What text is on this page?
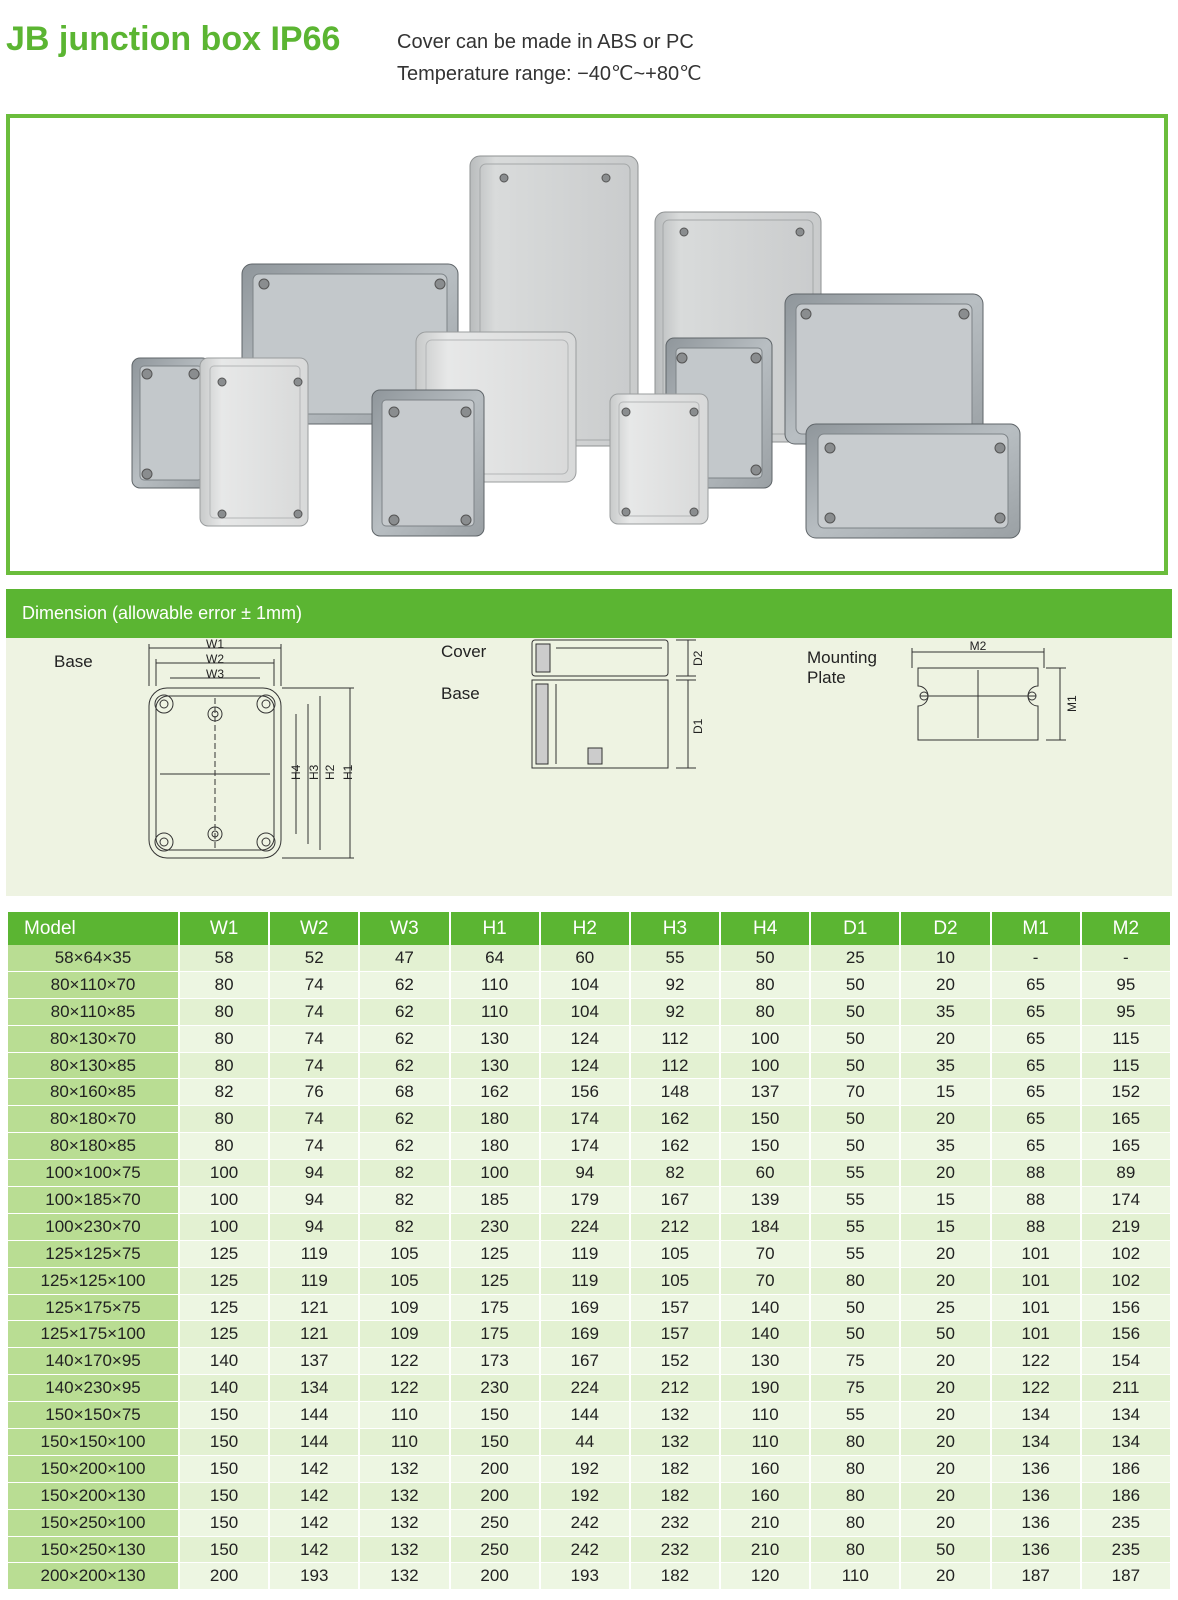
JB junction box IP66	Cover can be made in ABS or PC
Temperature range: −40℃~+80℃
Dimension (allowable error ± 1mm)
Base
W1
W2
W3
H4 H3 H2 H1
Cover
Base
D2
D1
Mounting
Plate
M2
M1
Model	W1	W2	W3	H1	H2	H3	H4	D1	D2	M1	M2
58×64×35	58	52	47	64	60	55	50	25	10	-	-
80×110×70	80	74	62	110	104	92	80	50	20	65	95
80×110×85	80	74	62	110	104	92	80	50	35	65	95
80×130×70	80	74	62	130	124	112	100	50	20	65	115
80×130×85	80	74	62	130	124	112	100	50	35	65	115
80×160×85	82	76	68	162	156	148	137	70	15	65	152
80×180×70	80	74	62	180	174	162	150	50	20	65	165
80×180×85	80	74	62	180	174	162	150	50	35	65	165
100×100×75	100	94	82	100	94	82	60	55	20	88	89
100×185×70	100	94	82	185	179	167	139	55	15	88	174
100×230×70	100	94	82	230	224	212	184	55	15	88	219
125×125×75	125	119	105	125	119	105	70	55	20	101	102
125×125×100	125	119	105	125	119	105	70	80	20	101	102
125×175×75	125	121	109	175	169	157	140	50	25	101	156
125×175×100	125	121	109	175	169	157	140	50	50	101	156
140×170×95	140	137	122	173	167	152	130	75	20	122	154
140×230×95	140	134	122	230	224	212	190	75	20	122	211
150×150×75	150	144	110	150	144	132	110	55	20	134	134
150×150×100	150	144	110	150	44	132	110	80	20	134	134
150×200×100	150	142	132	200	192	182	160	80	20	136	186
150×200×130	150	142	132	200	192	182	160	80	20	136	186
150×250×100	150	142	132	250	242	232	210	80	20	136	235
150×250×130	150	142	132	250	242	232	210	80	50	136	235
200×200×130	200	193	132	200	193	182	120	110	20	187	187
